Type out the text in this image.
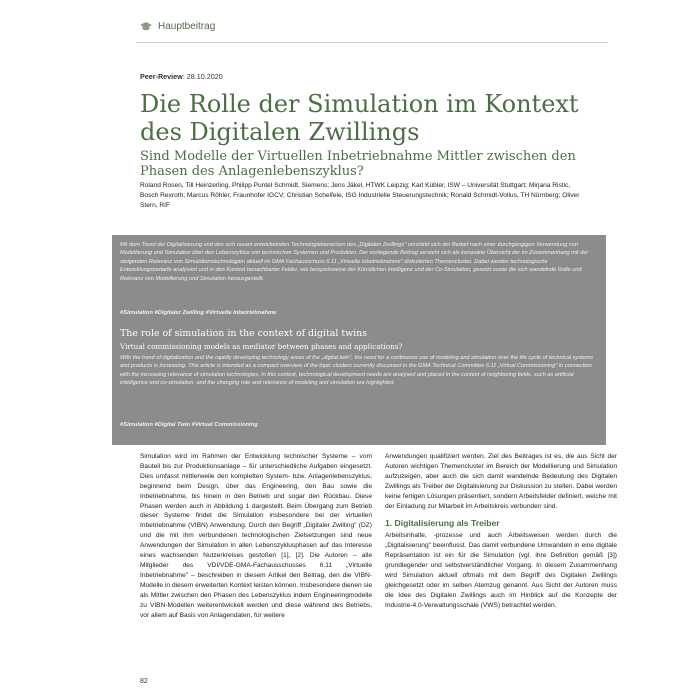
Hauptbeitrag
Peer-Review: 28.10.2020
Die Rolle der Simulation im Kontext des Digitalen Zwillings
Sind Modelle der Virtuellen Inbetriebnahme Mittler zwischen den Phasen des Anlagenlebenszyklus?
Roland Rosen, Till Heinzerling, Philipp Puntel Schmidt, Siemens; Jens Jäkel, HTWK Leipzig; Karl Kübler, ISW – Universität Stuttgart; Mirjana Ristic, Bosch Rexroth; Marcus Röhler, Fraunhofer IGCV; Christian Scheifele, ISG Industrielle Steuerungstechnik; Ronald Schmidt-Vollus, TH Nürnberg; Oliver Stern, RIF
Mit dem Trend der Digitalisierung und den sich rasant entwickelnden Technologiebereichen des „Digitalen Zwillings" verstärkt sich der Bedarf nach einer durchgängigen Verwendung von Modellierung und Simulation über den Lebenszyklus von technischen Systemen und Produkten. Der vorliegende Beitrag versteht sich als kompakte Übersicht der im Zusammenhang mit der steigenden Relevanz von Simulationstechnologien aktuell im GMA Fachausschuss 6.11 „Virtuelle Inbetriebnahme" diskutierten Themencluster. Dabei werden technologische Entwicklungsbedarfe analysiert und in den Kontext benachbarter Felder, wie beispielsweise der Künstlichen Intelligenz und der Co-Simulation, gesetzt sowie die sich wandelnde Rolle und Relevanz von Modellierung und Simulation herausgestellt.
#Simulation #Digitaler Zwilling #Virtuelle Inbetriebnahme
The role of simulation in the context of digital twins
Virtual commissioning models as mediator between phases and applications?
With the trend of digitalization and the rapidly developing technology areas of the „digital twin", the need for a continuous use of modeling and simulation over the life cycle of technical systems and products is increasing. This article is intended as a compact overview of the topic clusters currently discussed in the GMA Technical Committee 6.11 „Virtual Commissioning" in connection with the increasing relevance of simulation technologies. In this context, technological development needs are analysed and placed in the context of neighboring fields, such as artificial intelligence and co-simulation, and the changing role and relevance of modeling and simulation are highlighted.
#Simulation #Digital Twin #Virtual Commissioning

Simulation wird im Rahmen der Entwicklung technischer Systeme – vom Bauteil bis zur Produktionsanlage – für unterschiedliche Aufgaben eingesetzt. Dies umfasst mittlerweile den kompletten System- bzw. Anlagenlebenszyklus, beginnend beim Design, über das Engineering, den Bau sowie die Inbetriebnahme, bis hinein in den Betrieb und sogar den Rückbau. Diese Phasen werden auch in Abbildung 1 dargestellt. Beim Übergang zum Betrieb dieser Systeme findet die Simulation insbesondere bei der virtuellen Inbetriebnahme (VIBN) Anwendung. Durch den Begriff „Digitaler Zwilling" (DZ) und die mit ihm verbundenen technologischen Zielsetzungen sind neue Anwendungen der Simulation in allen Lebenszyklusphasen auf das Interesse eines wachsenden Nutzerkreises gestoßen [1], [2]. Die Autoren – alle Mitglieder des VDI/VDE-GMA-Fachausschusses 6.11 „Virtuelle Inbetriebnahme" – beschreiben in diesem Artikel den Beitrag, den die VIBN-Modelle in diesem erweiterten Kontext leisten können. Insbesondere dienen sie als Mittler zwischen den Phasen des Lebenszyklus indem Engineeringmodelle zu VIBN-Modellen weiterentwickelt werden und diese während des Betriebs, vor allem auf Basis von Anlagendaten, für weitere

Anwendungen qualifiziert werden. Ziel des Beitrages ist es, die aus Sicht der Autoren wichtigen Themencluster im Bereich der Modellierung und Simulation aufzuzeigen, aber auch die sich damit wandelnde Bedeutung des Digitalen Zwillings als Treiber der Digitalisierung zur Diskussion zu stellen. Dabei werden keine fertigen Lösungen präsentiert, sondern Arbeitsfelder definiert, welche mit der Einladung zur Mitarbeit im Arbeitskreis verbunden sind.

1. Digitalisierung als Treiber

Arbeitsinhalte, -prozesse und auch Arbeitsweisen werden durch die „Digitalisierung" beeinflusst. Das damit verbundene Umwandeln in eine digitale Repräsentation ist ein für die Simulation (vgl. ihre Definition gemäß [3]) grundlegender und selbstverständlicher Vorgang. In diesem Zusammenhang wird Simulation aktuell oftmals mit dem Begriff des Digitalen Zwillings gleichgesetzt oder im selben Atemzug genannt. Aus Sicht der Autoren muss die Idee des Digitalen Zwillings auch im Hinblick auf die Konzepte der Industrie-4.0-Verwaltungsschale (VWS) betrachtet werden.

82
